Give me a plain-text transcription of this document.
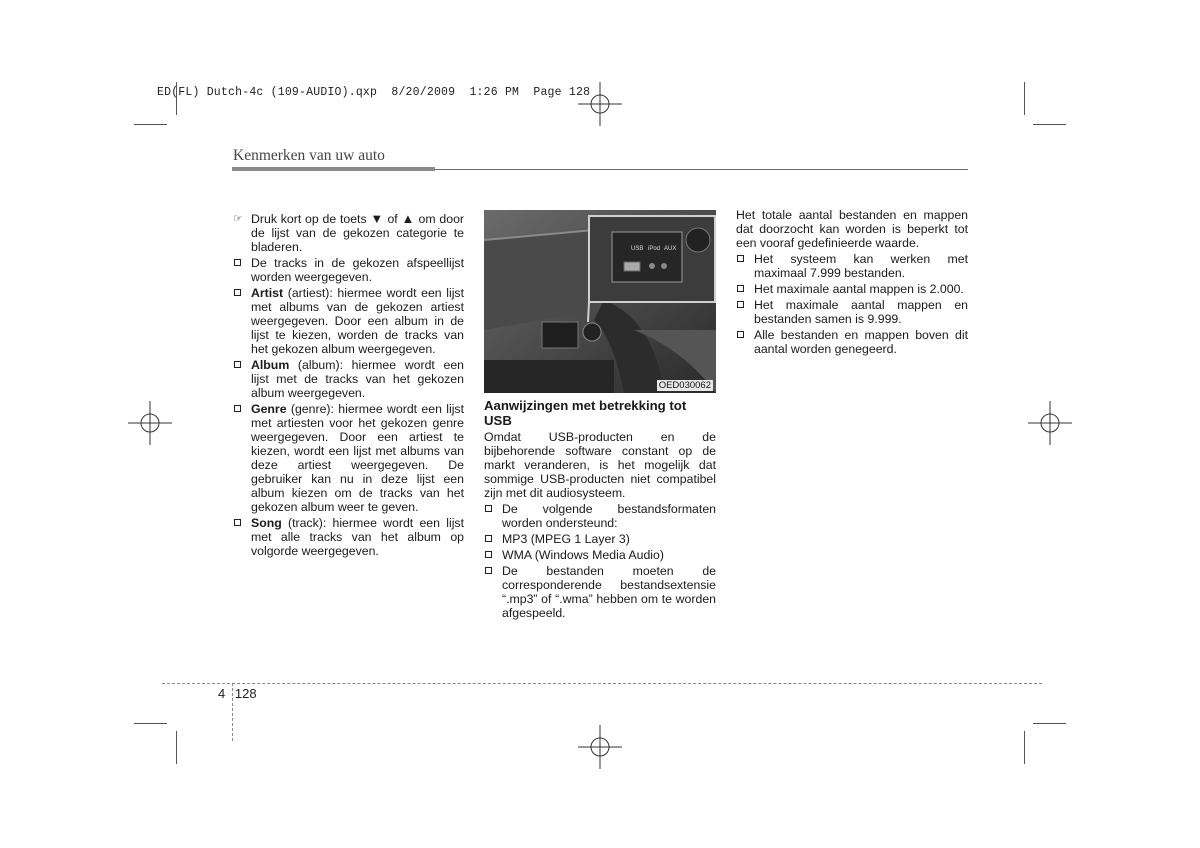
ED(FL) Dutch-4c (109-AUDIO).qxp  8/20/2009  1:26 PM  Page 128
Kenmerken van uw auto
☞ Druk kort op de toets ▼ of ▲ om door de lijst van de gekozen categorie te bladeren.
De tracks in de gekozen afspeellijst worden weergegeven.
Artist (artiest): hiermee wordt een lijst met albums van de gekozen artiest weergegeven. Door een album in de lijst te kiezen, worden de tracks van het gekozen album weergegeven.
Album (album): hiermee wordt een lijst met de tracks van het gekozen album weergegeven.
Genre (genre): hiermee wordt een lijst met artiesten voor het gekozen genre weergegeven. Door een artiest te kiezen, wordt een lijst met albums van deze artiest weergegeven. De gebruiker kan nu in deze lijst een album kiezen om de tracks van het gekozen album weer te geven.
Song (track): hiermee wordt een lijst met alle tracks van het album op volgorde weergegeven.
USB iPod AUX
OED030062

Aanwijzingen met betrekking tot USB

Omdat USB-producten en de bijbehorende software constant op de markt veranderen, is het mogelijk dat sommige USB-producten niet compatibel zijn met dit audiosysteem.

De volgende bestandsformaten worden ondersteund:
MP3 (MPEG 1 Layer 3)
WMA (Windows Media Audio)
De bestanden moeten de corresponderende bestandsextensie “.mp3” of “.wma” hebben om te worden afgespeeld.

Het totale aantal bestanden en mappen dat doorzocht kan worden is beperkt tot een vooraf gedefinieerde waarde.

Het systeem kan werken met maximaal 7.999 bestanden.
Het maximale aantal mappen is 2.000.
Het maximale aantal mappen en bestanden samen is 9.999.
Alle bestanden en mappen boven dit aantal worden genegeerd.
4 128
